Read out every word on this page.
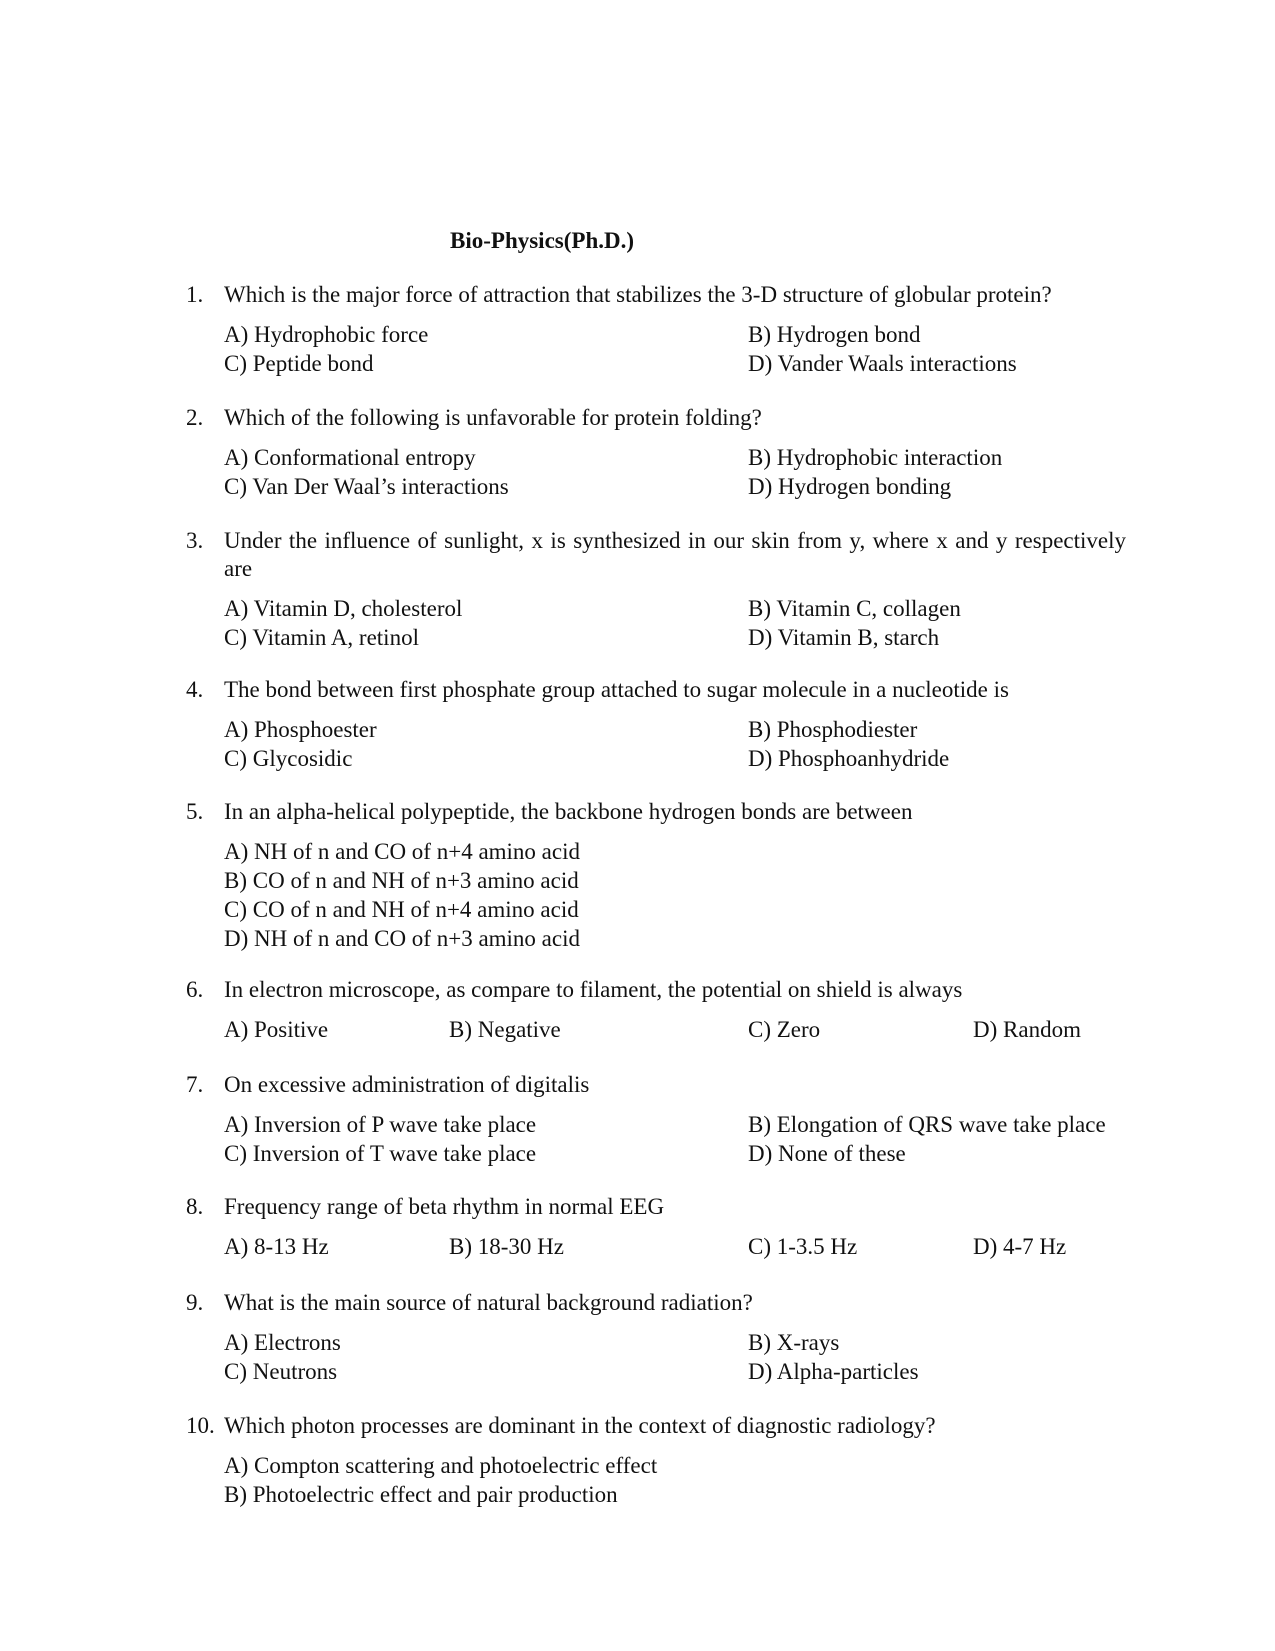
Bio-Physics(Ph.D.)
1. Which is the major force of attraction that stabilizes the 3-D structure of globular protein?
A) Hydrophobic force	B) Hydrogen bond
C) Peptide bond	D) Vander Waals interactions
2. Which of the following is unfavorable for protein folding?
A) Conformational entropy	B) Hydrophobic interaction
C) Van Der Waal’s interactions	D) Hydrogen bonding
3. Under the influence of sunlight, x is synthesized in our skin from y, where x and y respectively are
A) Vitamin D, cholesterol	B) Vitamin C, collagen
C) Vitamin A, retinol	D) Vitamin B, starch
4. The bond between first phosphate group attached to sugar molecule in a nucleotide is
A) Phosphoester	B) Phosphodiester
C) Glycosidic	D) Phosphoanhydride
5. In an alpha-helical polypeptide, the backbone hydrogen bonds are between
A) NH of n and CO of n+4 amino acid
B) CO of n and NH of n+3 amino acid
C) CO of n and NH of n+4 amino acid
D) NH of n and CO of n+3 amino acid
6. In electron microscope, as compare to filament, the potential on shield is always
A) Positive	B) Negative	C) Zero	D) Random
7. On excessive administration of digitalis
A) Inversion of P wave take place	B) Elongation of QRS wave take place
C) Inversion of T wave take place	D) None of these
8. Frequency range of beta rhythm in normal EEG
A) 8-13 Hz	B) 18-30 Hz	C) 1-3.5 Hz	D) 4-7 Hz
9. What is the main source of natural background radiation?
A) Electrons	B) X-rays
C) Neutrons	D) Alpha-particles
10. Which photon processes are dominant in the context of diagnostic radiology?
A) Compton scattering and photoelectric effect
B) Photoelectric effect and pair production
